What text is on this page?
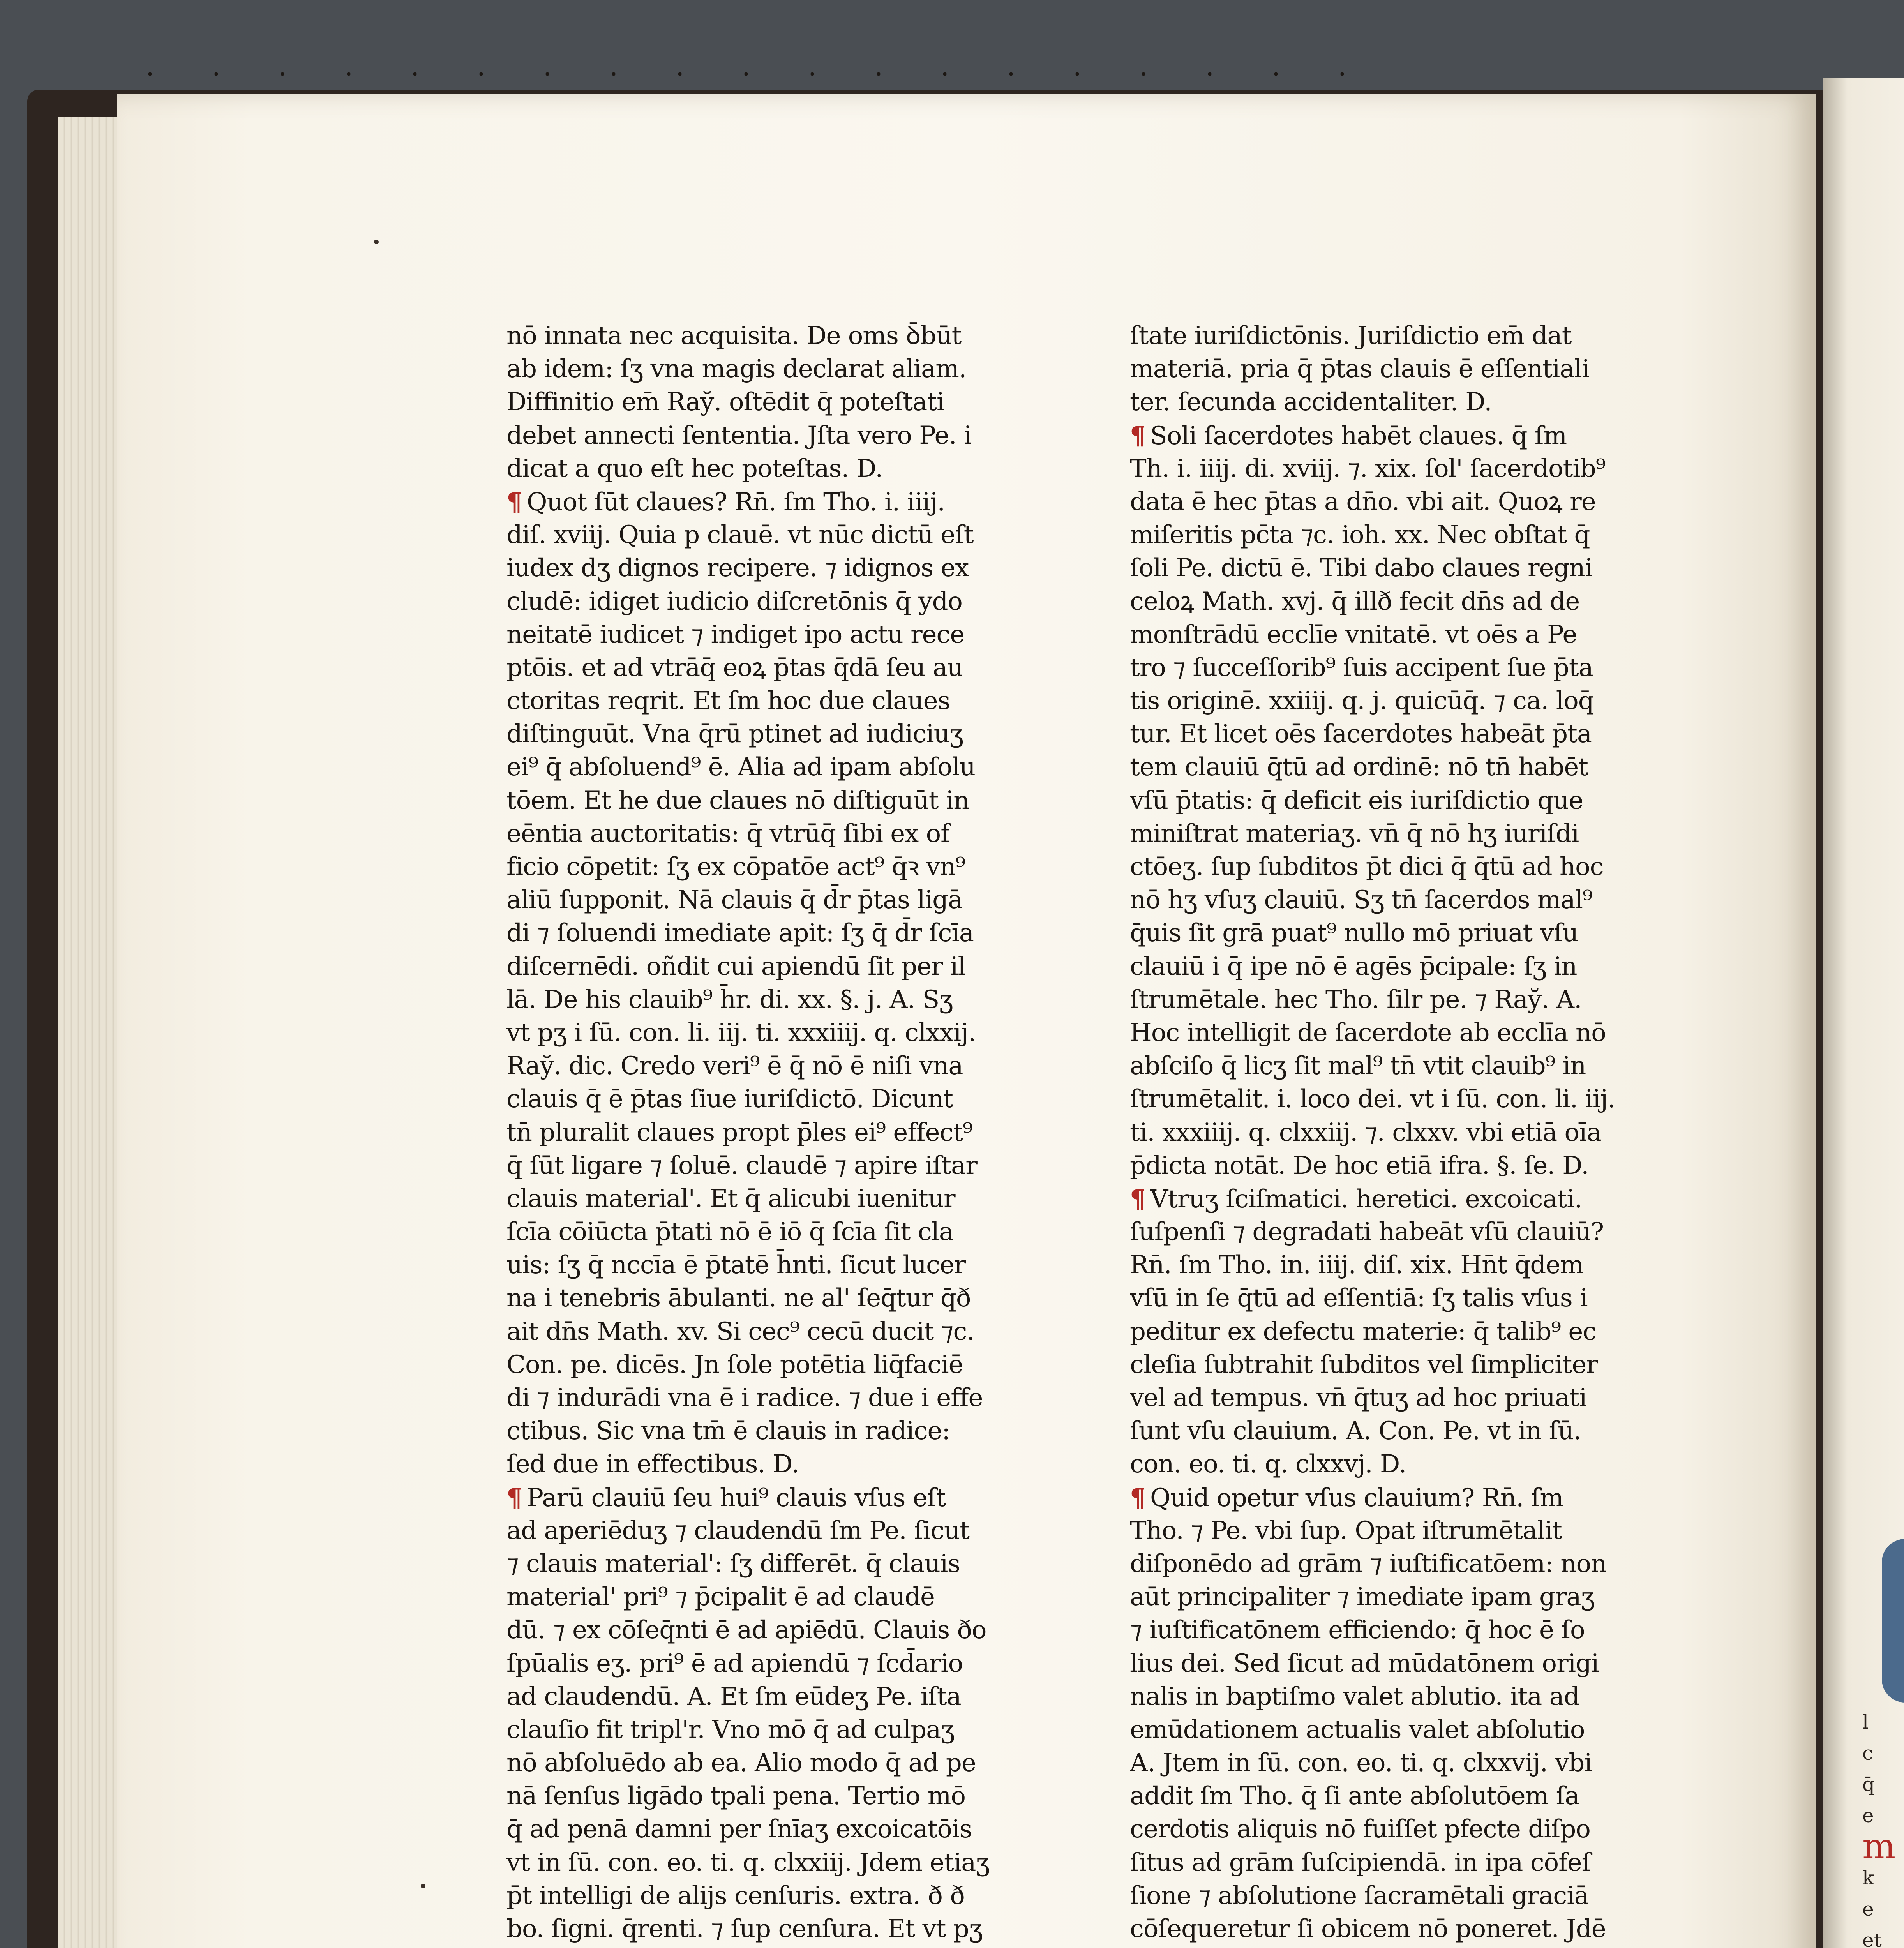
nō innata nec acquisita. De oms ꝺ̄būt
ab idem: ſʒ vna magis declarat aliam.
Diffinitio em̄ Ray̆. oſtēdit q̄ poteſtati
debet annecti ſententia. Jſta vero Pe. i
dicat a quo eſt hec poteſtas. D.
¶Quot ſūt claues? Rn̄. ſm Tho. i. iiij.
diſ. xviij. Quia p clauē. vt nūc dictū eſt
iudex dʒ dignos recipere. ⁊ idignos ex
cludē: idiget iudicio diſcretōnis q̄ ydo
neitatē iudicet ⁊ indiget ipo actu rece
ptōis. et ad vtrāq̄ eoꝝ p̄tas q̄dā ſeu au
ctoritas reqrit. Et ſm hoc due claues
diſtinguūt. Vna q̄rū ptinet ad iudiciuʒ
ei⁹ q̄ abſoluend⁹ ē. Alia ad ipam abſolu
tōem. Et he due claues nō diſtiguūt in
eēntia auctoritatis: q̄ vtrūq̄ ſibi ex of
ficio cōpetit: ſʒ ex cōpatōe act⁹ q̄ꝛ vn⁹
aliū ſupponit. Nā clauis q̄ d̄r p̄tas ligā
di ⁊ ſoluendi imediate apit: ſʒ q̄ d̄r ſcīa
diſcernēdi. oñdit cui apiendū ſit per il
lā. De his clauib⁹ h̄r. di. xx. §. j. A. Sʒ
vt pʒ i ſū. con. li. iij. ti. xxxiiij. q. clxxij.
Ray̆. dic. Credo veri⁹ ē q̄ nō ē niſi vna
clauis q̄ ē p̄tas ſiue iuriſdictō. Dicunt
tn̄ pluralit claues propt p̄les ei⁹ effect⁹
q̄ ſūt ligare ⁊ ſoluē. claudē ⁊ apire iſtar
clauis material'. Et q̄ alicubi iuenitur
ſcīa cōiūcta p̄tati nō ē iō q̄ ſcīa ſit cla
uis: ſʒ q̄ nccīa ē p̄tatē h̄nti. ſicut lucer
na i tenebris ābulanti. ne al' ſeq̄tur q̄ð
ait dn̄s Math. xv. Si cec⁹ cecū ducit ⁊c.
Con. pe. dicēs. Jn ſole potētia liq̄faciē
di ⁊ indurādi vna ē i radice. ⁊ due i effe
ctibus. Sic vna tm̄ ē clauis in radice:
ſed due in effectibus. D.
¶Parū clauiū ſeu hui⁹ clauis vſus eſt
ad aperiēduʒ ⁊ claudendū ſm Pe. ſicut
⁊ clauis material': ſʒ differēt. q̄ clauis
material' pri⁹ ⁊ p̄cipalit ē ad claudē
dū. ⁊ ex cōſeq̄nti ē ad apiēdū. Clauis ðo
ſpūalis eʒ. pri⁹ ē ad apiendū ⁊ ſcd̄ario
ad claudendū. A. Et ſm eūdeʒ Pe. iſta
clauſio fit tripl'r. Vno mō q̄ ad culpaʒ
nō abſoluēdo ab ea. Alio modo q̄ ad pe
nā ſenſus ligādo tpali pena. Tertio mō
q̄ ad penā damni per ſnīaʒ excoicatōis
vt in ſū. con. eo. ti. q. clxxiij. Jdem etiaʒ
p̄t intelligi de alijs cenſuris. extra. ð ð
bo. ſigni. q̄renti. ⁊ ſup cenſura. Et vt pʒ
ſtate iuriſdictōnis. Juriſdictio em̄ dat
materiā. pria q̄ p̄tas clauis ē eſſentiali
ter. ſecunda accidentaliter. D.
¶Soli ſacerdotes habēt claues. q̄ ſm
Th. i. iiij. di. xviij. ⁊. xix. ſol' ſacerdotib⁹
data ē hec p̄tas a dn̄o. vbi ait. Quoꝝ re
miſeritis pc̄ta ⁊c. ioh. xx. Nec obſtat q̄
ſoli Pe. dictū ē. Tibi dabo claues regni
celoꝝ Math. xvj. q̄ illð fecit dn̄s ad de
monſtrādū ecclīe vnitatē. vt oēs a Pe
tro ⁊ ſucceſſorib⁹ ſuis accipent ſue p̄ta
tis originē. xxiiij. q. j. quicūq̄. ⁊ ca. loq̄
tur. Et licet oēs ſacerdotes habeāt p̄ta
tem clauiū q̄tū ad ordinē: nō tn̄ habēt
vſū p̄tatis: q̄ deficit eis iuriſdictio que
miniſtrat materiaʒ. vn̄ q̄ nō hʒ iuriſdi
ctōeʒ. ſup ſubditos p̄t dici q̄ q̄tū ad hoc
nō hʒ vſuʒ clauiū. Sʒ tn̄ ſacerdos mal⁹
q̄uis ſit grā puat⁹ nullo mō priuat vſu
clauiū i q̄ ipe nō ē agēs p̄cipale: ſʒ in
ſtrumētale. hec Tho. ſilr pe. ⁊ Ray̆. A.
Hoc intelligit de ſacerdote ab ecclīa nō
abſciſo q̄ licʒ ſit mal⁹ tn̄ vtit clauib⁹ in
ſtrumētalit. i. loco dei. vt i ſū. con. li. iij.
ti. xxxiiij. q. clxxiij. ⁊. clxxv. vbi etiā oīa
p̄dicta notāt. De hoc etiā ifra. §. ſe. D.
¶Vtruʒ ſciſmatici. heretici. excoicati.
ſuſpenſi ⁊ degradati habeāt vſū clauiū?
Rn̄. ſm Tho. in. iiij. diſ. xix. Hn̄t q̄dem
vſū in ſe q̄tū ad eſſentiā: ſʒ talis vſus i
peditur ex defectu materie: q̄ talib⁹ ec
cleſia ſubtrahit ſubditos vel ſimpliciter
vel ad tempus. vn̄ q̄tuʒ ad hoc priuati
ſunt vſu clauium. A. Con. Pe. vt in ſū.
con. eo. ti. q. clxxvj. D.
¶Quid opetur vſus clauium? Rn̄. ſm
Tho. ⁊ Pe. vbi ſup. Opat iſtrumētalit
diſponēdo ad grām ⁊ iuſtificatōem: non
aūt principaliter ⁊ imediate ipam graʒ
⁊ iuſtificatōnem efficiendo: q̄ hoc ē ſo
lius dei. Sed ſicut ad mūdatōnem origi
nalis in baptiſmo valet ablutio. ita ad
emūdationem actualis valet abſolutio
A. Jtem in ſū. con. eo. ti. q. clxxvij. vbi
addit ſm Tho. q̄ ſi ante abſolutōem ſa
cerdotis aliquis nō fuiſſet pfecte diſpo
ſitus ad grām ſuſcipiendā. in ipa cōfeſ
ſione ⁊ abſolutione ſacramētali graciā
cōſequeretur ſi obicem nō poneret. Jdē
l
c
q̄
e
m
k
e
et
